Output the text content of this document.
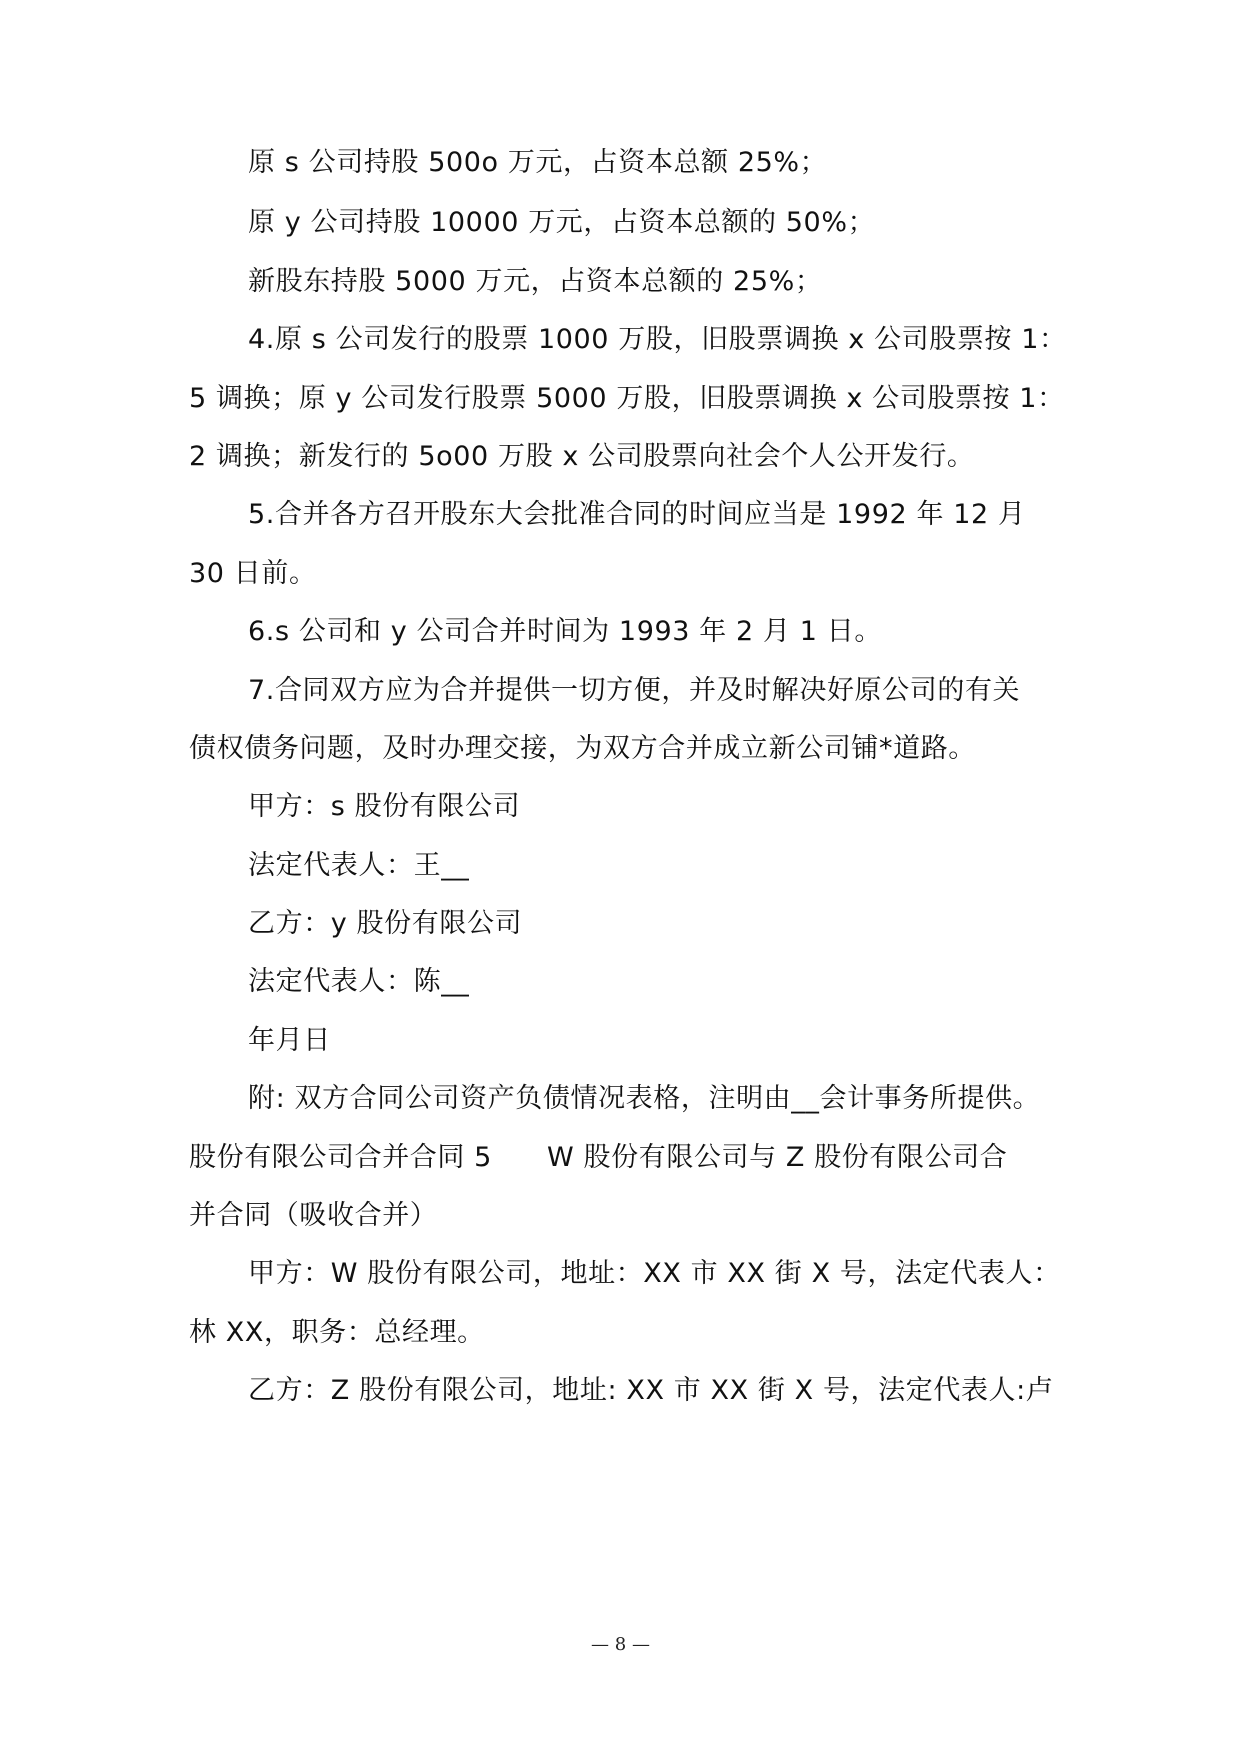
原 s 公司持股 500o 万元，占资本总额 25%；
原 y 公司持股 10000 万元，占资本总额的 50%；
新股东持股 5000 万元，占资本总额的 25%；
4.原 s 公司发行的股票 1000 万股，旧股票调换 x 公司股票按 1：
5 调换；原 y 公司发行股票 5000 万股，旧股票调换 x 公司股票按 1：
2 调换；新发行的 5o00 万股 x 公司股票向社会个人公开发行。
5.合并各方召开股东大会批准合同的时间应当是 1992 年 12 月
30 日前。
6.s 公司和 y 公司合并时间为 1993 年 2 月 1 日。
7.合同双方应为合并提供一切方便，并及时解决好原公司的有关
债权债务问题，及时办理交接，为双方合并成立新公司铺*道路。
甲方：s 股份有限公司
法定代表人：王__
乙方：y 股份有限公司
法定代表人：陈__
年月日
附: 双方合同公司资产负债情况表格，注明由__会计事务所提供。
股份有限公司合并合同 5      W 股份有限公司与 Z 股份有限公司合
并合同（吸收合并）
甲方：W 股份有限公司，地址：XX 市 XX 街 X 号，法定代表人：
林 XX，职务：总经理。
乙方：Z 股份有限公司，地址: XX 市 XX 街 X 号，法定代表人:卢
— 8 —
